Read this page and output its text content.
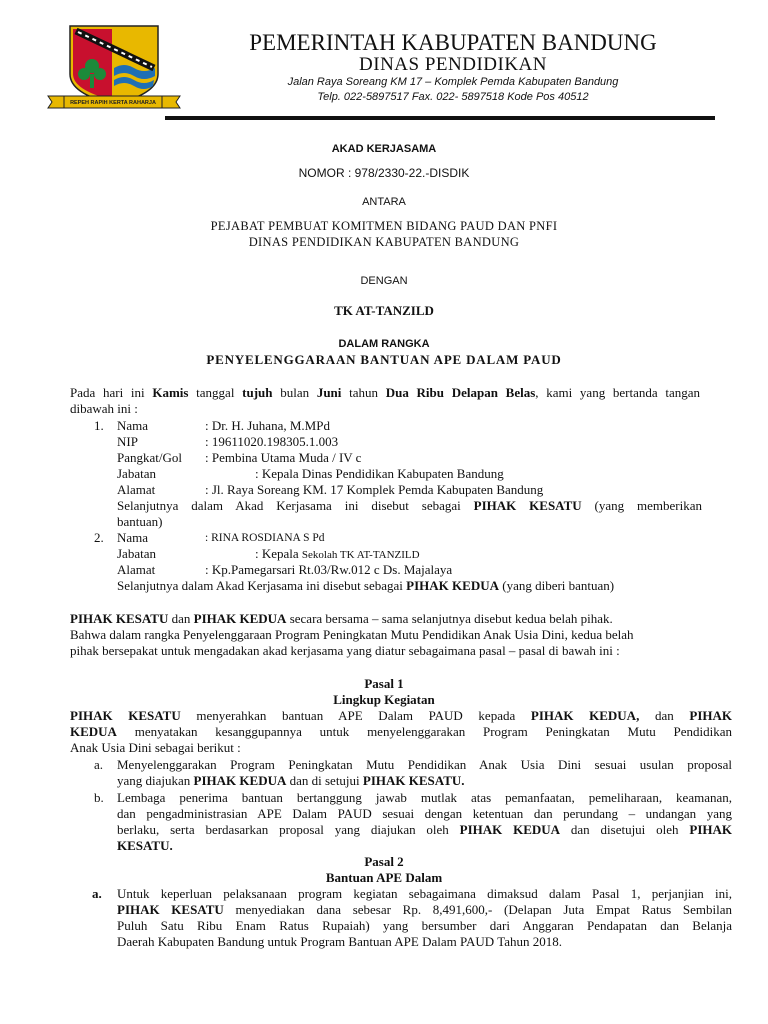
REPEH RAPIH KERTA RAHARJA
PEMERINTAH KABUPATEN BANDUNG
DINAS PENDIDIKAN
Jalan Raya Soreang KM 17 – Komplek Pemda Kabupaten Bandung
Telp. 022-5897517 Fax. 022- 5897518 Kode Pos 40512
AKAD KERJASAMA
NOMOR : 978/2330-22.-DISDIK
ANTARA
PEJABAT PEMBUAT KOMITMEN BIDANG PAUD DAN PNFI
DINAS PENDIDIKAN KABUPATEN BANDUNG
DENGAN
TK AT-TANZILD
DALAM RANGKA
PENYELENGGARAAN BANTUAN APE DALAM PAUD
Pada hari ini Kamis tanggal tujuh bulan Juni tahun Dua Ribu Delapan Belas, kami yang bertanda tangan
dibawah ini :
1. Nama	: Dr. H. Juhana, M.MPd
NIP	: 19611020.198305.1.003
Pangkat/Gol : Pembina Utama Muda / IV c
Jabatan	: Kepala Dinas Pendidikan Kabupaten Bandung
Alamat	: Jl. Raya Soreang KM. 17 Komplek Pemda Kabupaten Bandung
Selanjutnya dalam Akad Kerjasama ini disebut sebagai PIHAK KESATU (yang memberikan
bantuan)
2. Nama	: RINA ROSDIANA S Pd
Jabatan	: Kepala Sekolah TK AT-TANZILD
Alamat	: Kp.Pamegarsari Rt.03/Rw.012 c Ds. Majalaya
Selanjutnya dalam Akad Kerjasama ini disebut sebagai PIHAK KEDUA (yang diberi bantuan)
PIHAK KESATU dan PIHAK KEDUA secara bersama – sama selanjutnya disebut kedua belah pihak.
Bahwa dalam rangka Penyelenggaraan Program Peningkatan Mutu Pendidikan Anak Usia Dini, kedua belah
pihak bersepakat untuk mengadakan akad kerjasama yang diatur sebagaimana pasal – pasal di bawah ini :
Pasal 1
Lingkup Kegiatan
PIHAK KESATU menyerahkan bantuan APE Dalam PAUD kepada PIHAK KEDUA, dan PIHAK
KEDUA menyatakan kesanggupannya untuk menyelenggarakan Program Peningkatan Mutu Pendidikan
Anak Usia Dini sebagai berikut :
a. Menyelenggarakan Program Peningkatan Mutu Pendidikan Anak Usia Dini sesuai usulan proposal
yang diajukan PIHAK KEDUA dan di setujui PIHAK KESATU.
b. Lembaga penerima bantuan bertanggung jawab mutlak atas pemanfaatan, pemeliharaan, keamanan,
dan pengadministrasian APE Dalam PAUD sesuai dengan ketentuan dan perundang – undangan yang
berlaku, serta berdasarkan proposal yang diajukan oleh PIHAK KEDUA dan disetujui oleh PIHAK
KESATU.
Pasal 2
Bantuan APE Dalam
a. Untuk keperluan pelaksanaan program kegiatan sebagaimana dimaksud dalam Pasal 1, perjanjian ini,
PIHAK KESATU menyediakan dana sebesar Rp. 8,491,600,- (Delapan Juta Empat Ratus Sembilan
Puluh Satu Ribu Enam Ratus Rupaiah) yang bersumber dari Anggaran Pendapatan dan Belanja
Daerah Kabupaten Bandung untuk Program Bantuan APE Dalam PAUD Tahun 2018.
